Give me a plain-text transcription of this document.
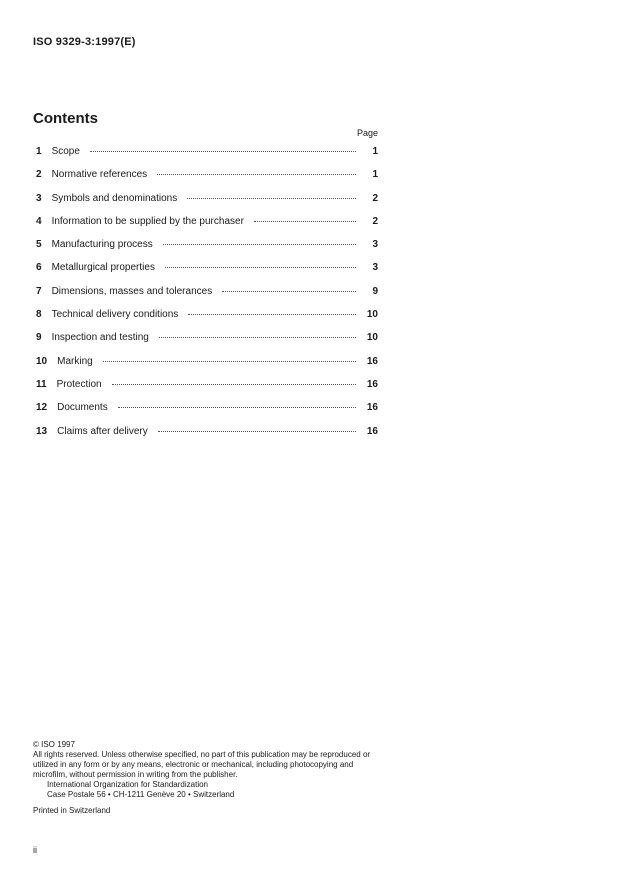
ISO 9329-3:1997(E)
Contents
Page
1 Scope	1
2 Normative references	1
3 Symbols and denominations	2
4 Information to be supplied by the purchaser	2
5 Manufacturing process	3
6 Metallurgical properties	3
7 Dimensions, masses and tolerances	9
8 Technical delivery conditions	10
9 Inspection and testing	10
10 Marking	16
11 Protection	16
12 Documents	16
13 Claims after delivery	16

© ISO 1997

All rights reserved. Unless otherwise specified, no part of this publication may be reproduced or utilized in any form or by any means, electronic or mechanical, including photocopying and microfilm, without permission in writing from the publisher.

International Organization for Standardization

Case Postale 56 • CH-1211 Genève 20 • Switzerland

Printed in Switzerland

ii
